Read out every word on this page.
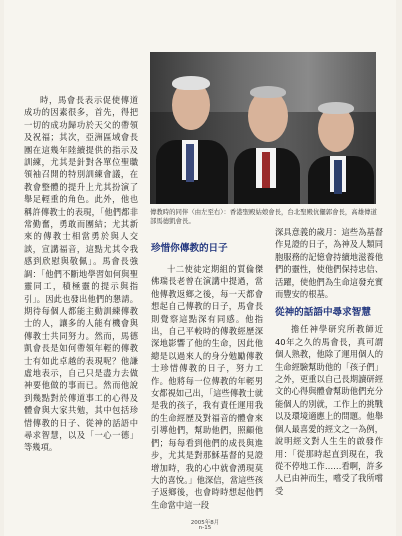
時，馬會長表示促使傳道成功的因素很多，首先，得把一切的成功歸功於天父的帶領及祝福；其次，亞洲區域會長團在這幾年陸續提供的指示及訓練，尤其是針對各單位聖職領袖召開的特別訓練會議，在教會整體的提升上尤其扮演了舉足輕重的角色。此外，他也稱許傳教士的表現，「他們都非常勤奮，勇敢而團結；尤其新來的傳教士相當勇於與人交談，宣講福音，這點尤其令我感到欣慰與敬佩」。馬會長強調：「他們不斷地學習如何與聖靈同工，積極靈的提示與指引」。因此也發出他們的懇請。期待每個人都能主動訓練傳教士的人，讓多的人能有機會與傳教士共同努力。然而，馬德凱會長是如何帶領年輕的傳教士有如此卓越的表現呢？他謙虛地表示，自己只是盡力去做神要他做的事而已。然而他說到幾點對於傳道事工的心得及體會與大家共勉，其中包括珍惜傳教的日子、從神的話語中尋求智慧，以及「一心一德」等幾項。

傳教時的同伴（由左至右）：香港聖殿姑娘會長，台北聖殿伉儷郭會長，高雄傳道部馬德凱會長。
珍惜你傳教的日子

十二使徒定期組的質倫傑佛瑞長老曾在演講中提過，當他傳教返鄉之後，每一天都會想起自己傳教的日子，馬會長則覺察這點深有同感。他指出，自己平較時的傳教經歷深深地影響了他的生命，因此他總是以過來人的身分勉勵傳教士珍惜傳教的日子，努力工作。他將每一位傳教的年輕男女都視如己出，「這些傳教士就是我的孩子，我有責任運用我的生命經歷及對福音的體會來引導他們，幫助他們，照顧他們；每每看到他們的成長與進步，尤其是對那穌基督的見證增加時，我的心中就會湧現莫大的喜悅。」他深信，當這些孩子返鄉後，也會時時想起他們生命當中這一段

深具意義的歲月：這些為基督作見證的日子，為神及人類同胞服務的記憶會持續地滋養他們的靈性，使他們保持忠信、活躍，使他們為生命這發充實而豐安的根基。

從神的話語中尋求智慧

擔任神學研究所教師近40年之久的馬會長，真可謂個人熟教，他除了運用個人的生命經驗幫助他的「孩子們」之外，更重以自己長期讀研經文的心得與體會幫助他們充分能個人的別就，工作上的挑戰以及環境適應上的問題。他舉個人最喜愛的經文之一為例，說明經文對人生生的啟發作用：「從那時起直到現在，我從不停地工作……看啊，許多人已由神而生，嚐受了我所嚐受

2005年8月
n-15
